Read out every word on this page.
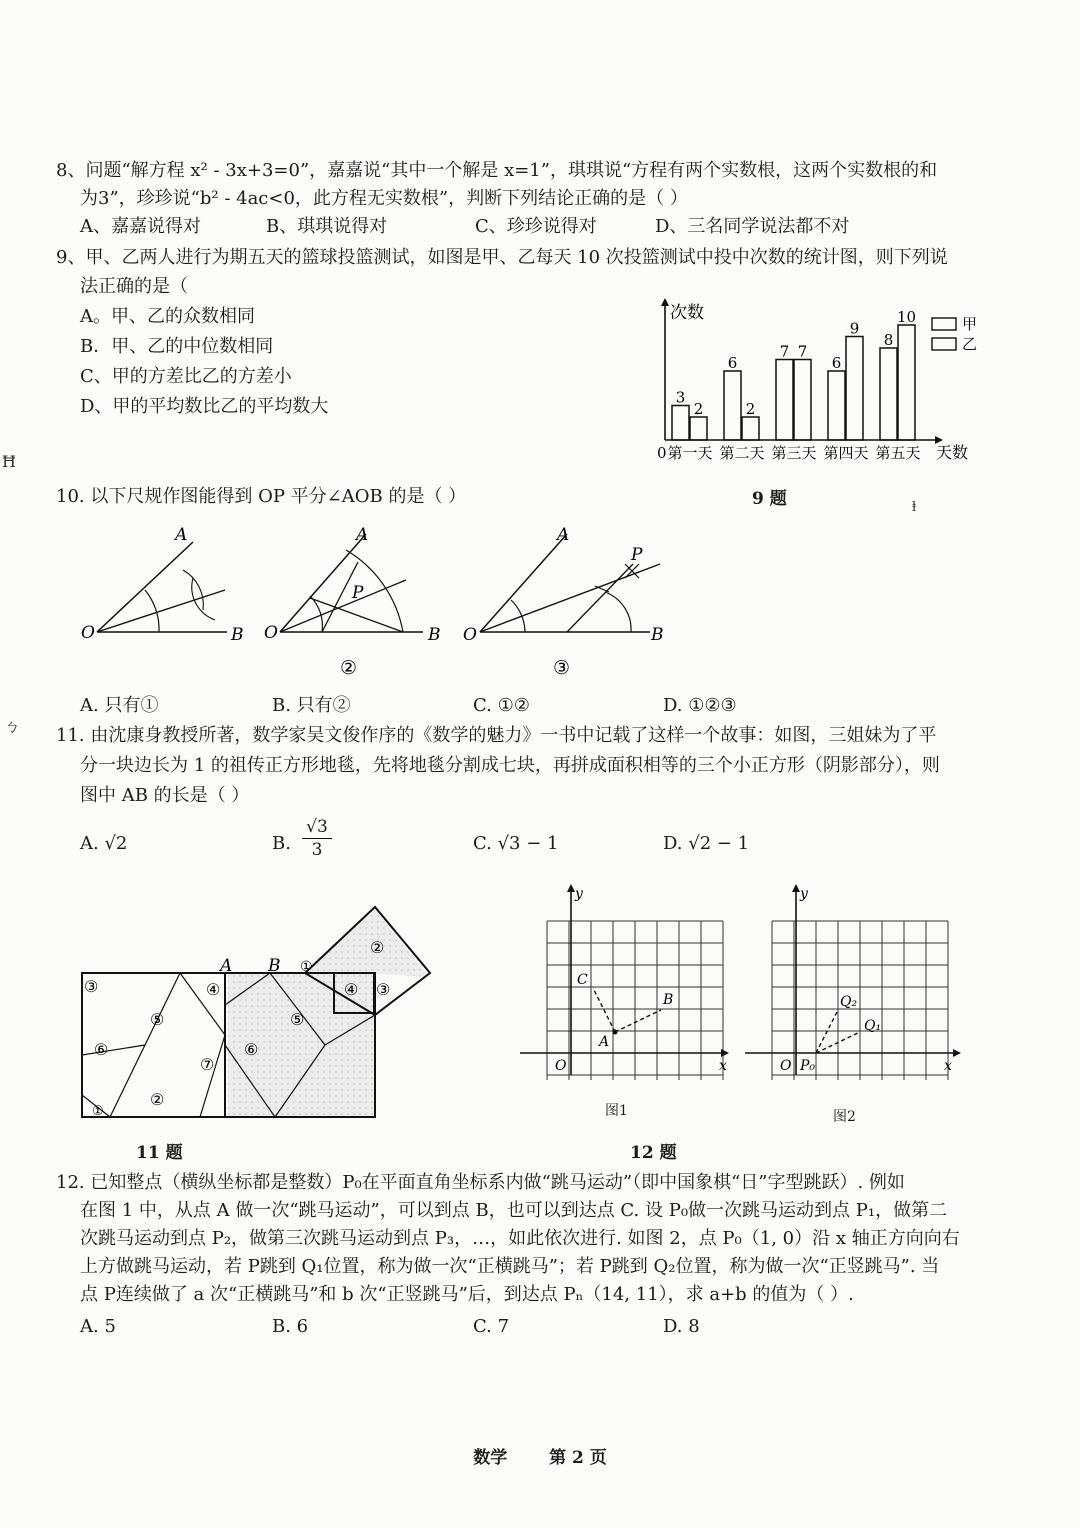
Ħ
ㄅ
ⱡ
8、问题“解方程 x² - 3x+3=0”，嘉嘉说“其中一个解是 x=1”，琪琪说“方程有两个实数根，这两个实数根的和
为3”，珍珍说“b² - 4ac<0，此方程无实数根”，判断下列结论正确的是（ ）
A、嘉嘉说得对	B、琪琪说得对	C、珍珍说得对	D、三名同学说法都不对
9、甲、乙两人进行为期五天的篮球投篮测试，如图是甲、乙每天 10 次投篮测试中投中次数的统计图，则下列说
法正确的是（
A。甲、乙的众数相同
B．甲、乙的中位数相同
C、甲的方差比乙的方差小
D、甲的平均数比乙的平均数大
次数
0	天数
3
2
6
2
7 7
6
9
8
10
第一天 第二天 第三天 第四天 第五天
甲
乙
9 题
10. 以下尺规作图能得到 OP 平分∠AOB 的是（ ）
O
A
B O
A
P
B
②
O
A
P
B
③
A. 只有①	B. 只有②	C. ①②	D. ①②③
11. 由沈康身教授所著，数学家吴文俊作序的《数学的魅力》一书中记载了这样一个故事：如图，三姐妹为了平
分一块边长为 1 的祖传正方形地毯，先将地毯分割成七块，再拼成面积相等的三个小正方形（阴影部分），则
图中 AB 的长是（ ）
A. √2	B. $\frac{√3}{3}$	C. √3 − 1	D. √2 − 1
A B
③
⑤
⑥
④
②
⑦
①
⑥
⑤
①
④ ③
②
11 题
O
y
x
A
B
C
图1
O
y
x
P₀
Q₁
Q₂
图2
12 题
12. 已知整点（横纵坐标都是整数）P₀在平面直角坐标系内做“跳马运动”（即中国象棋“日”字型跳跃）. 例如
在图 1 中，从点 A 做一次“跳马运动”，可以到点 B，也可以到达点 C. 设 P₀做一次跳马运动到点 P₁，做第二
次跳马运动到点 P₂，做第三次跳马运动到点 P₃，…，如此依次进行. 如图 2，点 P₀（1, 0）沿 x 轴正方向向右
上方做跳马运动，若 P跳到 Q₁位置，称为做一次“正横跳马”；若 P跳到 Q₂位置，称为做一次“正竖跳马”. 当
点 P连续做了 a 次“正横跳马”和 b 次“正竖跳马”后，到达点 Pₙ（14, 11），求 a+b 的值为（ ）.
A. 5	B. 6	C. 7	D. 8
数学 第 2 页
